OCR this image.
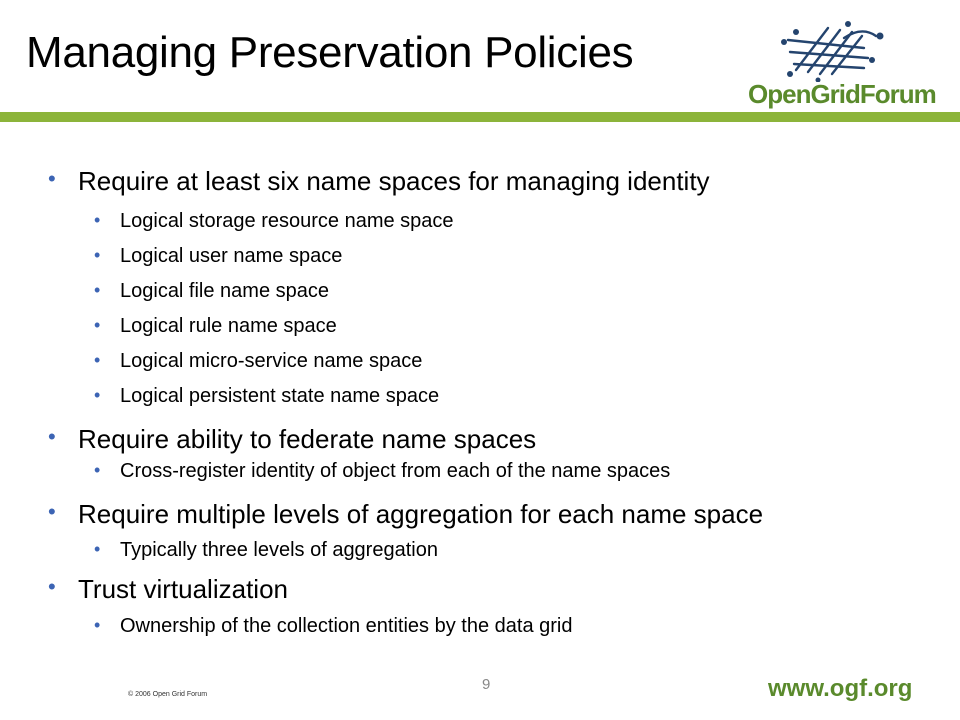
Managing Preservation Policies
OpenGridForum
• Require at least six name spaces for managing identity
• Logical storage resource name space
• Logical user name space
• Logical file name space
• Logical rule name space
• Logical micro-service name space
• Logical persistent state name space
• Require ability to federate name spaces
• Cross-register identity of object from each of the name spaces
• Require multiple levels of aggregation for each name space
• Typically three levels of aggregation
• Trust virtualization
• Ownership of the collection entities by the data grid
© 2006 Open Grid Forum
9	www.ogf.org
